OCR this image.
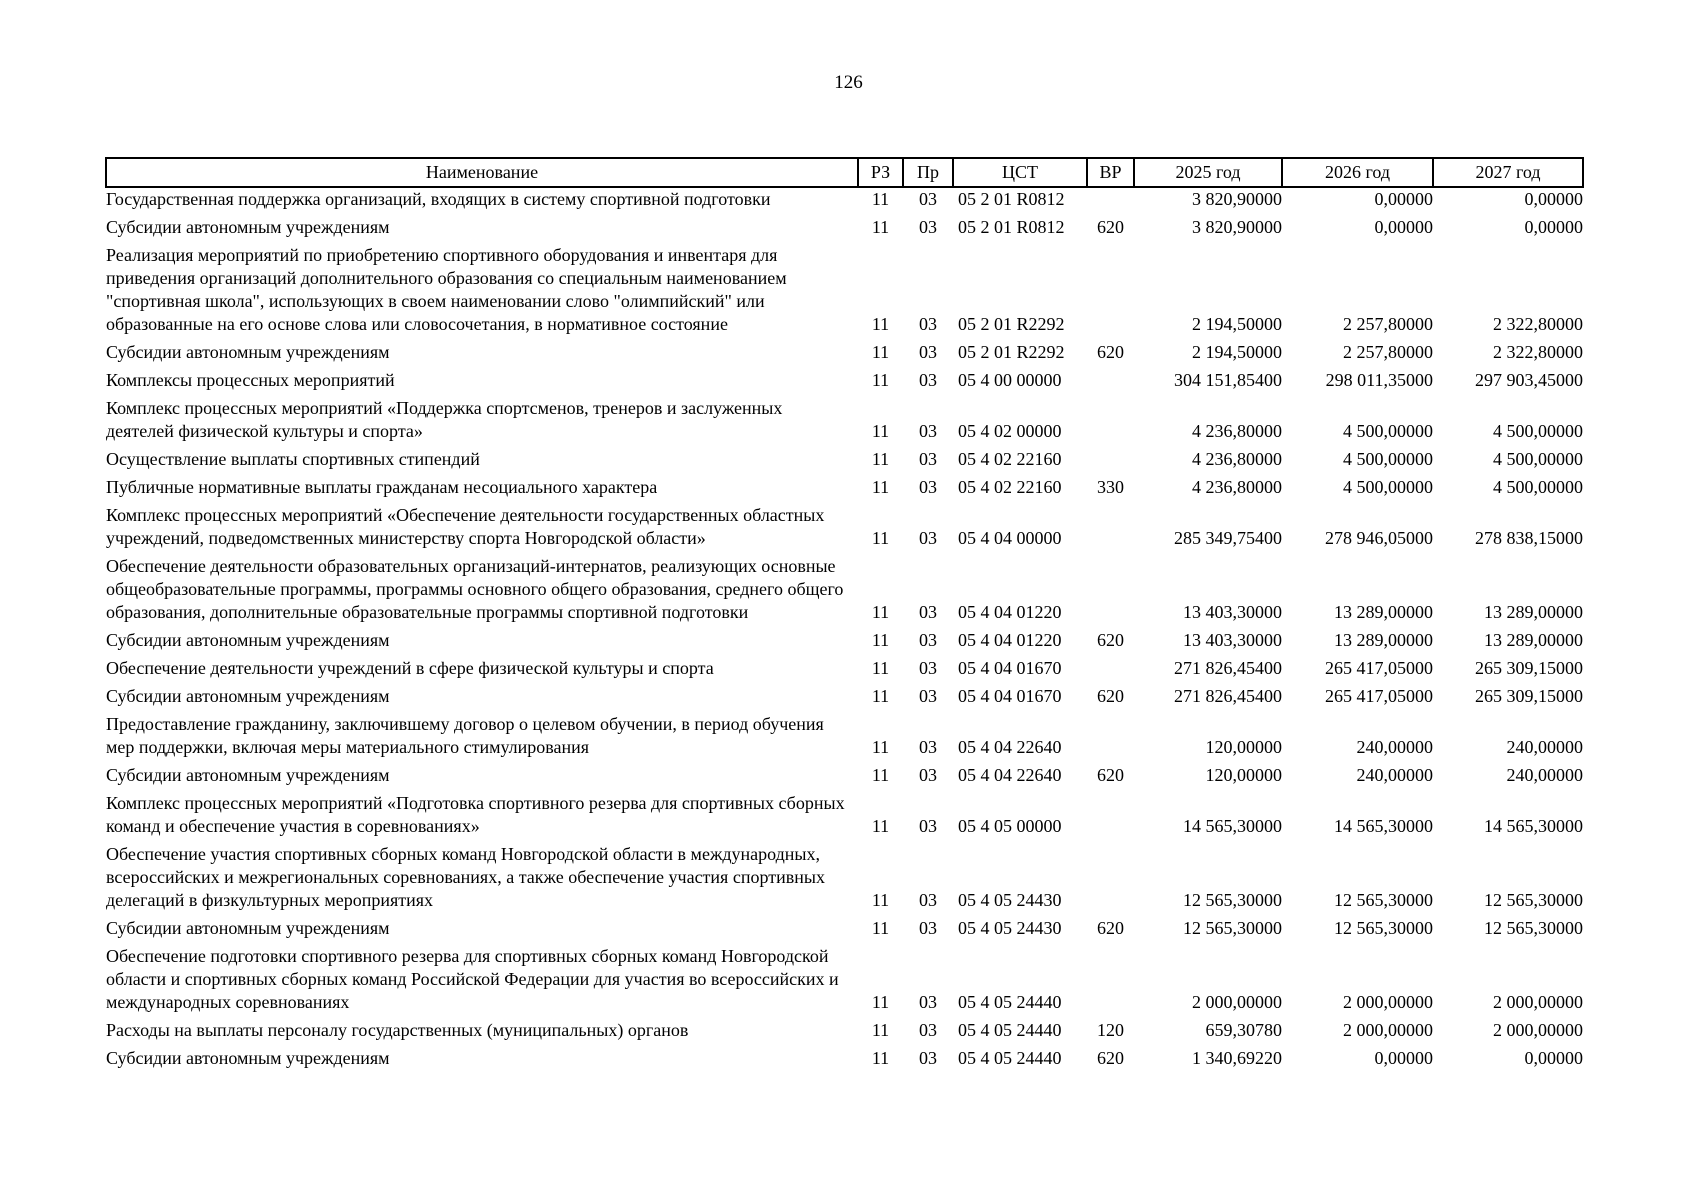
126
Наименование	РЗ	Пр	ЦСТ	ВР	2025 год	2026 год	2027 год
Государственная поддержка организаций, входящих в систему спортивной подготовки	11	03	05 2 01 R0812		3 820,90000	0,00000	0,00000
Субсидии автономным учреждениям	11	03	05 2 01 R0812	620	3 820,90000	0,00000	0,00000
Реализация мероприятий по приобретению спортивного оборудования и инвентаря для приведения организаций дополнительного образования со специальным наименованием "спортивная школа", использующих в своем наименовании слово "олимпийский" или образованные на его основе слова или словосочетания, в нормативное состояние	11	03	05 2 01 R2292		2 194,50000	2 257,80000	2 322,80000
Субсидии автономным учреждениям	11	03	05 2 01 R2292	620	2 194,50000	2 257,80000	2 322,80000
Комплексы процессных мероприятий	11	03	05 4 00 00000		304 151,85400	298 011,35000	297 903,45000
Комплекс процессных мероприятий «Поддержка спортсменов, тренеров и заслуженных деятелей физической культуры и спорта»	11	03	05 4 02 00000		4 236,80000	4 500,00000	4 500,00000
Осуществление выплаты спортивных стипендий	11	03	05 4 02 22160		4 236,80000	4 500,00000	4 500,00000
Публичные нормативные выплаты гражданам несоциального характера	11	03	05 4 02 22160	330	4 236,80000	4 500,00000	4 500,00000
Комплекс процессных мероприятий «Обеспечение деятельности государственных областных учреждений, подведомственных министерству спорта Новгородской области»	11	03	05 4 04 00000		285 349,75400	278 946,05000	278 838,15000
Обеспечение деятельности образовательных организаций-интернатов, реализующих основные общеобразовательные программы, программы основного общего образования, среднего общего образования, дополнительные образовательные программы спортивной подготовки	11	03	05 4 04 01220		13 403,30000	13 289,00000	13 289,00000
Субсидии автономным учреждениям	11	03	05 4 04 01220	620	13 403,30000	13 289,00000	13 289,00000
Обеспечение деятельности учреждений в сфере физической культуры и спорта	11	03	05 4 04 01670		271 826,45400	265 417,05000	265 309,15000
Субсидии автономным учреждениям	11	03	05 4 04 01670	620	271 826,45400	265 417,05000	265 309,15000
Предоставление гражданину, заключившему договор о целевом обучении, в период обучения мер поддержки, включая меры материального стимулирования	11	03	05 4 04 22640		120,00000	240,00000	240,00000
Субсидии автономным учреждениям	11	03	05 4 04 22640	620	120,00000	240,00000	240,00000
Комплекс процессных мероприятий «Подготовка спортивного резерва для спортивных сборных команд и обеспечение участия в соревнованиях»	11	03	05 4 05 00000		14 565,30000	14 565,30000	14 565,30000
Обеспечение участия спортивных сборных команд Новгородской области в международных, всероссийских и межрегиональных соревнованиях, а также обеспечение участия спортивных делегаций в физкультурных мероприятиях	11	03	05 4 05 24430		12 565,30000	12 565,30000	12 565,30000
Субсидии автономным учреждениям	11	03	05 4 05 24430	620	12 565,30000	12 565,30000	12 565,30000
Обеспечение подготовки спортивного резерва для спортивных сборных команд Новгородской области и спортивных сборных команд Российской Федерации для участия во всероссийских и международных соревнованиях	11	03	05 4 05 24440		2 000,00000	2 000,00000	2 000,00000
Расходы на выплаты персоналу государственных (муниципальных) органов	11	03	05 4 05 24440	120	659,30780	2 000,00000	2 000,00000
Субсидии автономным учреждениям	11	03	05 4 05 24440	620	1 340,69220	0,00000	0,00000
